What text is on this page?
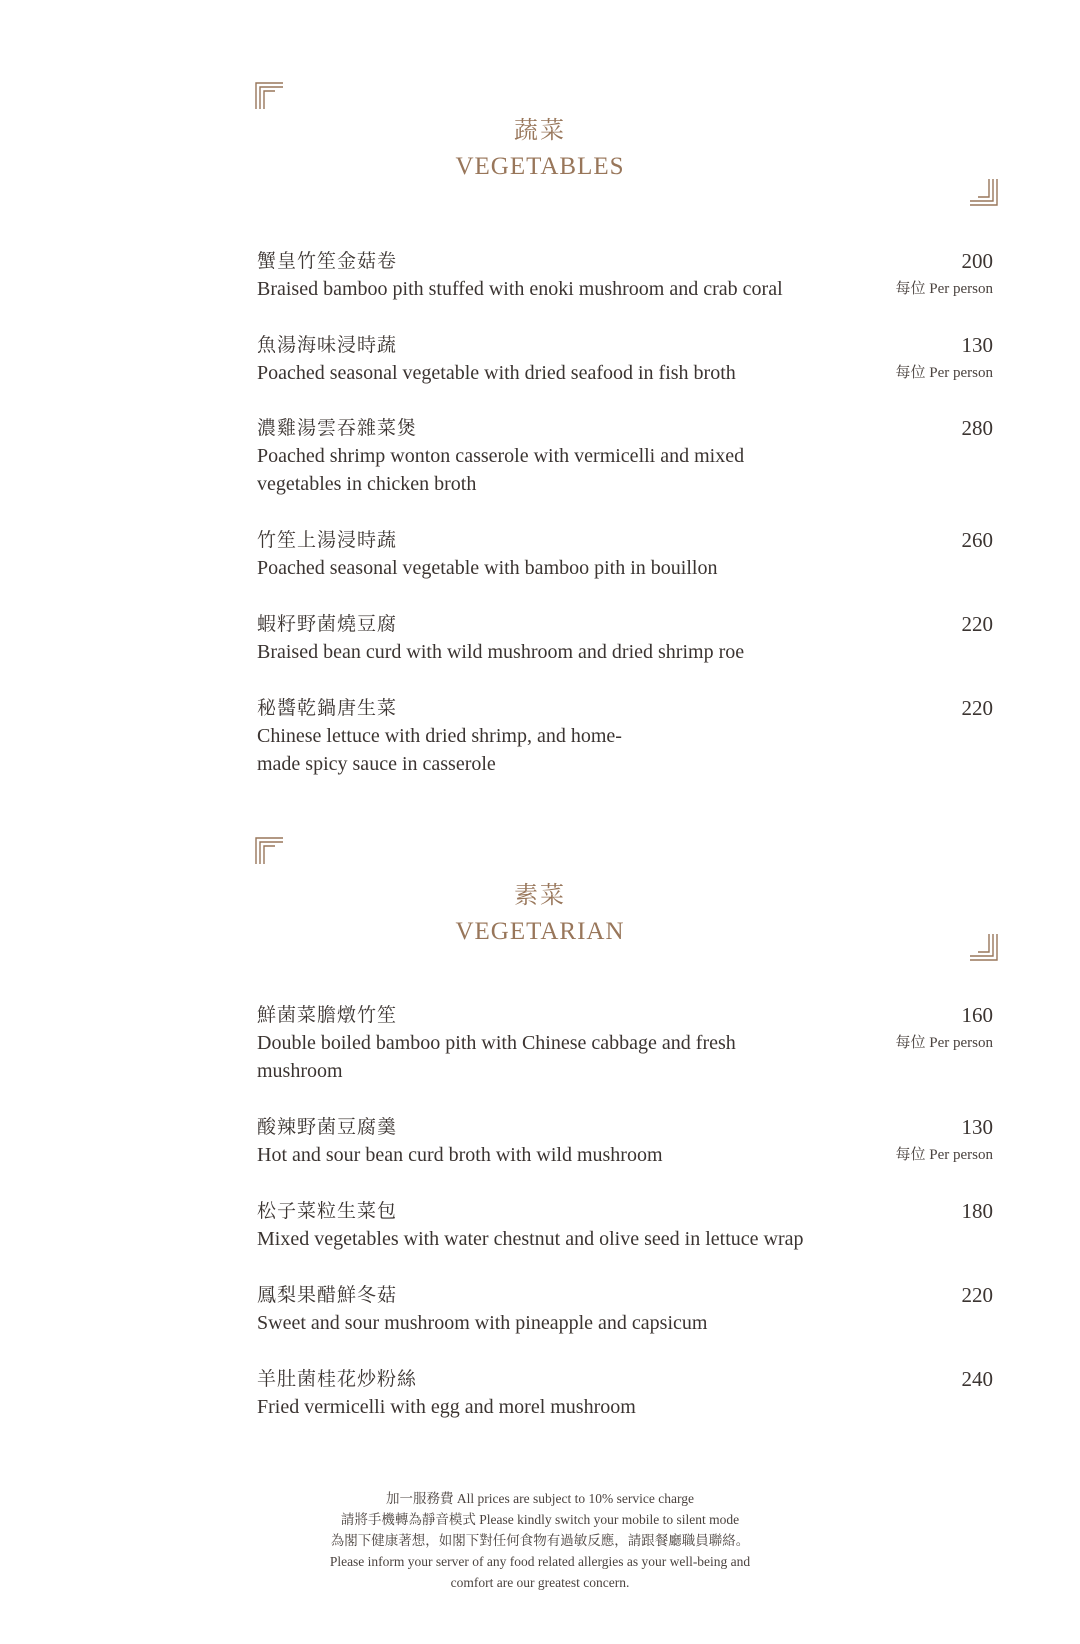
蔬菜
VEGETABLES
蟹皇竹笙金菇卷
Braised bamboo pith stuffed with enoki mushroom and crab coral
200
每位 Per person
魚湯海味浸時蔬
Poached seasonal vegetable with dried seafood in fish broth
130
每位 Per person
濃雞湯雲吞雜菜煲
Poached shrimp wonton casserole with vermicelli and mixed vegetables in chicken broth
280
竹笙上湯浸時蔬
Poached seasonal vegetable with bamboo pith in bouillon
260
蝦籽野菌燒豆腐
Braised bean curd with wild mushroom and dried shrimp roe
220
秘醬乾鍋唐生菜
Chinese lettuce with dried shrimp, and home-made spicy sauce in casserole
220
素菜
VEGETARIAN
鮮菌菜膽燉竹笙
Double boiled bamboo pith with Chinese cabbage and fresh mushroom
160
每位 Per person
酸辣野菌豆腐羹
Hot and sour bean curd broth with wild mushroom
130
每位 Per person
松子菜粒生菜包
Mixed vegetables with water chestnut and olive seed in lettuce wrap
180
鳳梨果醋鮮冬菇
Sweet and sour mushroom with pineapple and capsicum
220
羊肚菌桂花炒粉絲
Fried vermicelli with egg and morel mushroom
240
加一服務費 All prices are subject to 10% service charge
請將手機轉為靜音模式 Please kindly switch your mobile to silent mode
為閣下健康著想，如閣下對任何食物有過敏反應，請跟餐廳職員聯絡。
Please inform your server of any food related allergies as your well-being and
comfort are our greatest concern.
